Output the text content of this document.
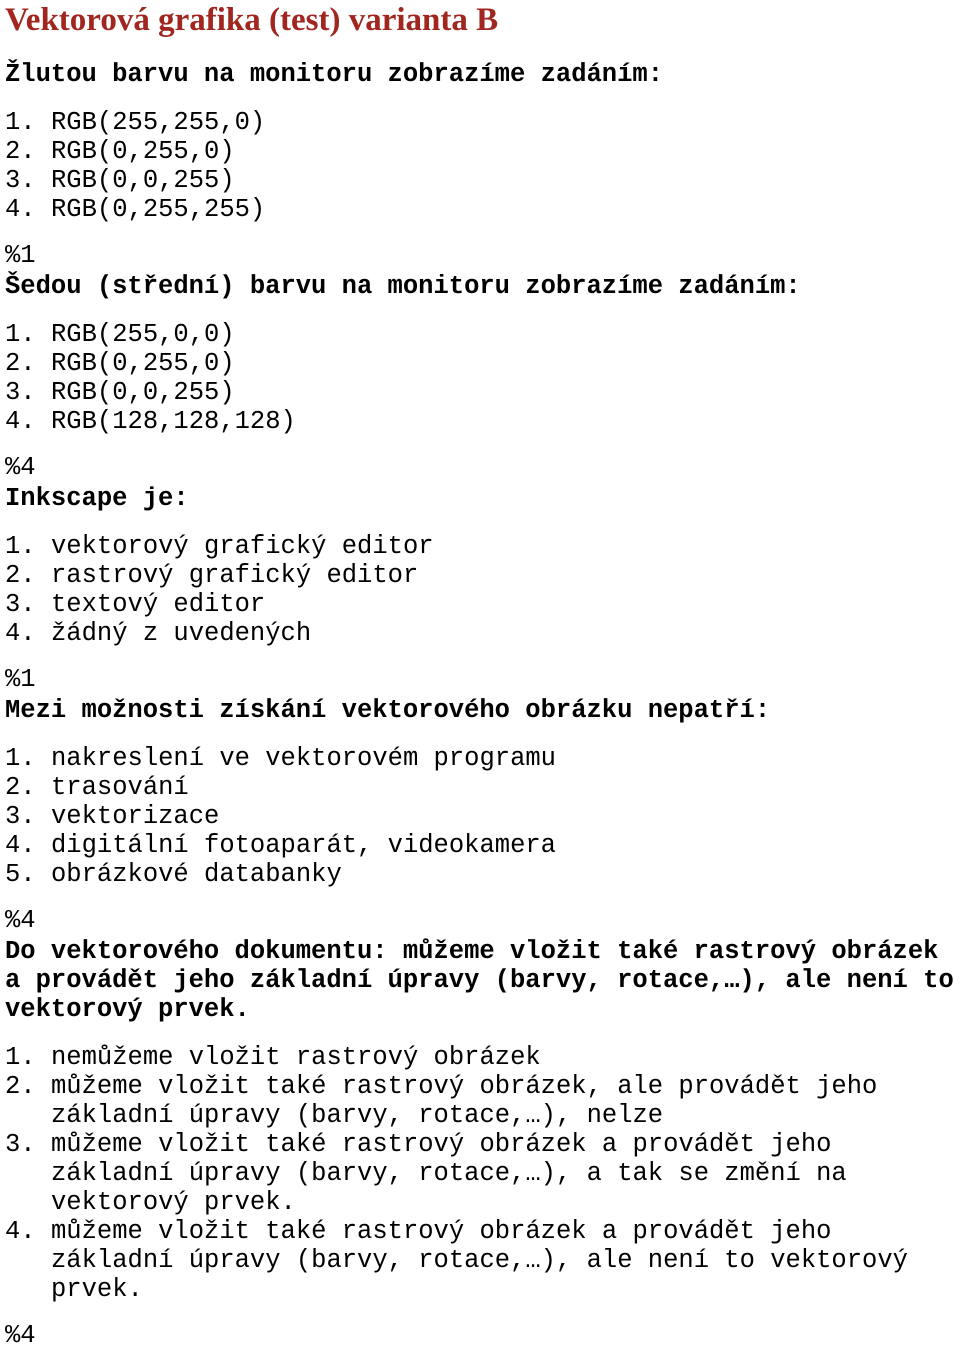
Vektorová grafika (test) varianta B

Žlutou barvu na monitoru zobrazíme zadáním:

1. RGB(255,255,0)
2. RGB(0,255,0)
3. RGB(0,0,255)
4. RGB(0,255,255)

%1

Šedou (střední) barvu na monitoru zobrazíme zadáním:

1. RGB(255,0,0)
2. RGB(0,255,0)
3. RGB(0,0,255)
4. RGB(128,128,128)

%4

Inkscape je:

1. vektorový grafický editor
2. rastrový grafický editor
3. textový editor
4. žádný z uvedených

%1

Mezi možnosti získání vektorového obrázku nepatří:

1. nakreslení ve vektorovém programu
2. trasování
3. vektorizace
4. digitální fotoaparát, videokamera
5. obrázkové databanky

%4

Do vektorového dokumentu: můžeme vložit také rastrový obrázek a provádět jeho základní úpravy (barvy, rotace,…), ale není to vektorový prvek.

1. nemůžeme vložit rastrový obrázek
2. můžeme vložit také rastrový obrázek, ale provádět jeho základní úpravy (barvy, rotace,…), nelze
3. můžeme vložit také rastrový obrázek a provádět jeho základní úpravy (barvy, rotace,…), a tak se změní na vektorový prvek.
4. můžeme vložit také rastrový obrázek a provádět jeho základní úpravy (barvy, rotace,…), ale není to vektorový prvek.

%4
